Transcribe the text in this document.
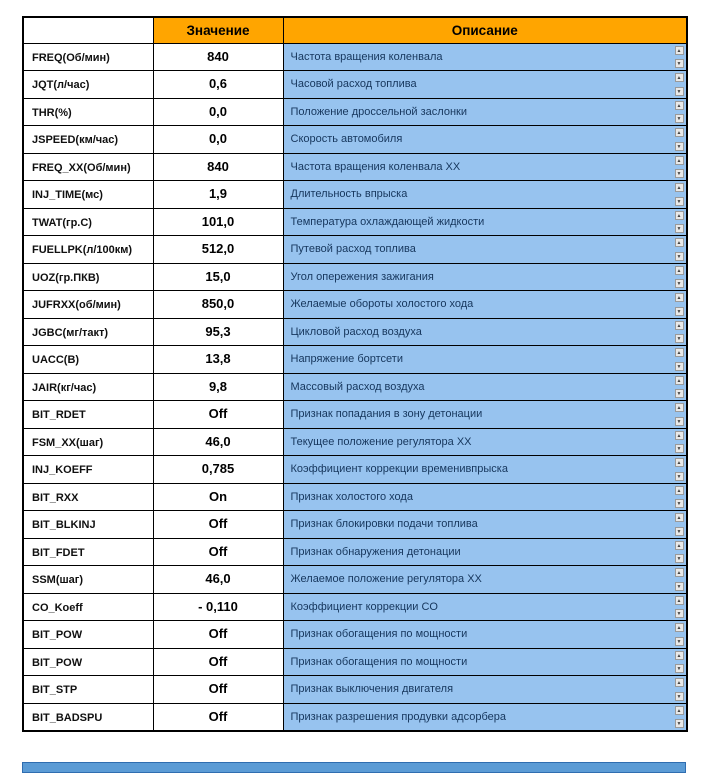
	Значение	Описание
FREQ(Об/мин)	840	Частота вращения коленвала
▲
▼

JQT(л/час)	0,6	Часовой расход топлива
▲
▼

THR(%)	0,0	Положение дроссельной заслонки
▲
▼

JSPEED(км/час)	0,0	Скорость автомобиля
▲
▼

FREQ_XX(Об/мин)	840	Частота вращения коленвала XX
▲
▼

INJ_TIME(мс)	1,9	Длительность впрыска
▲
▼

TWAT(гр.С)	101,0	Температура охлаждающей жидкости
▲
▼

FUELLPK(л/100км)	512,0	Путевой расход топлива
▲
▼

UOZ(гр.ПКВ)	15,0	Угол опережения зажигания
▲
▼

JUFRXX(об/мин)	850,0	Желаемые обороты холостого хода
▲
▼

JGBC(мг/такт)	95,3	Цикловой расход воздуха
▲
▼

UACC(В)	13,8	Напряжение бортсети
▲
▼

JAIR(кг/час)	9,8	Массовый расход воздуха
▲
▼

BIT_RDET	Off	Признак попадания в зону детонации
▲
▼

FSM_XX(шаг)	46,0	Текущее положение регулятора XX
▲
▼

INJ_KOEFF	0,785	Коэффициент коррекции временивпрыска
▲
▼

BIT_RXX	On	Признак холостого хода
▲
▼

BIT_BLKINJ	Off	Признак блокировки подачи топлива
▲
▼

BIT_FDET	Off	Признак обнаружения детонации
▲
▼

SSM(шаг)	46,0	Желаемое положение регулятора XX
▲
▼

CO_Koeff	- 0,110	Коэффициент коррекции CO
▲
▼

BIT_POW	Off	Признак обогащения по мощности
▲
▼

BIT_POW	Off	Признак обогащения по мощности
▲
▼

BIT_STP	Off	Признак выключения двигателя
▲
▼

BIT_BADSPU	Off	Признак разрешения продувки адсорбера ▲
▼
